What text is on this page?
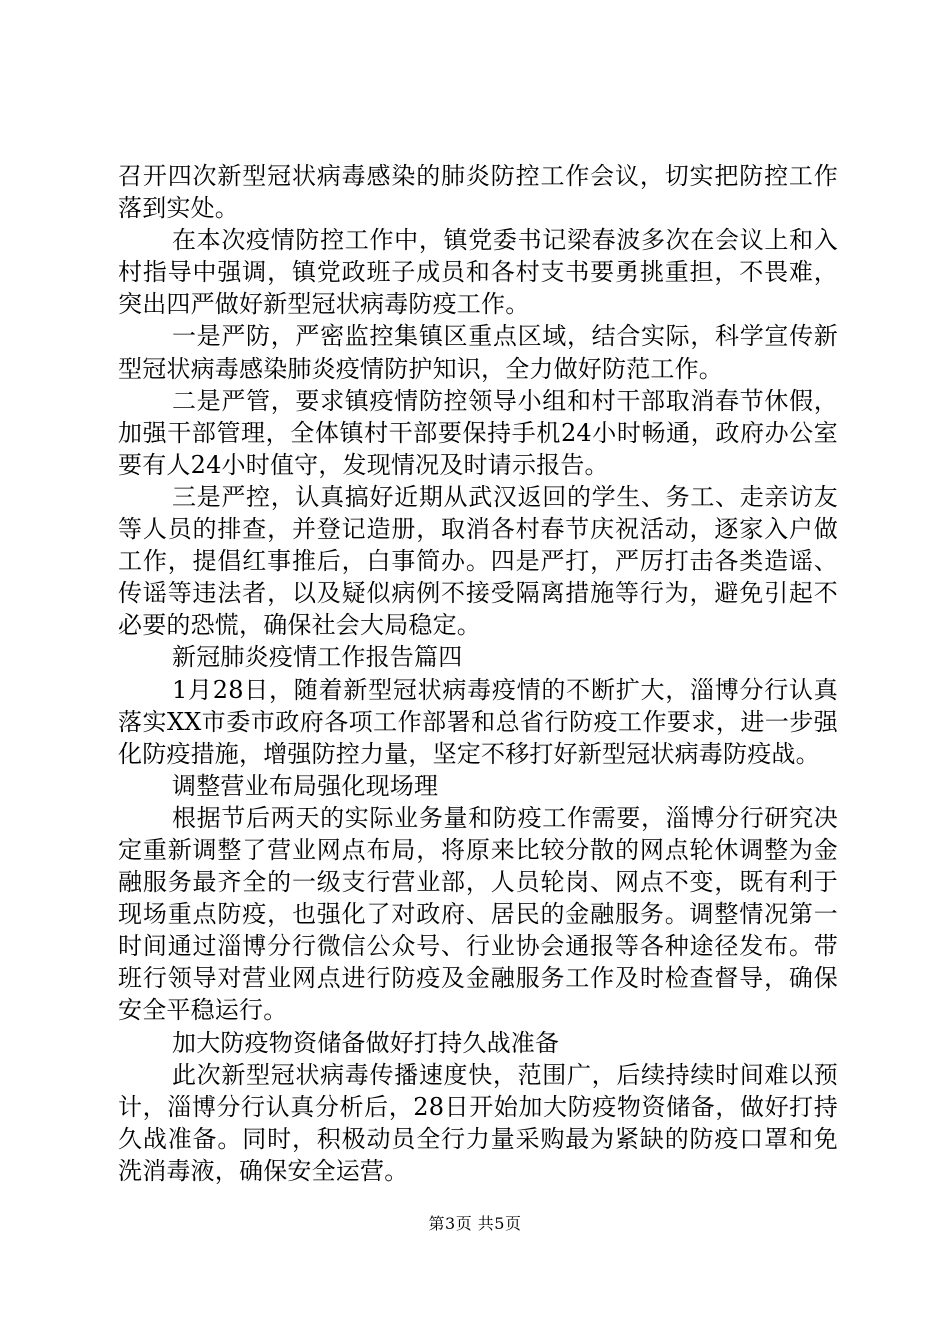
召开四次新型冠状病毒感染的肺炎防控工作会议，切实把防控工作落到实处。

在本次疫情防控工作中，镇党委书记梁春波多次在会议上和入村指导中强调，镇党政班子成员和各村支书要勇挑重担，不畏难，突出四严做好新型冠状病毒防疫工作。

一是严防，严密监控集镇区重点区域，结合实际，科学宣传新型冠状病毒感染肺炎疫情防护知识，全力做好防范工作。

二是严管，要求镇疫情防控领导小组和村干部取消春节休假，加强干部管理，全体镇村干部要保持手机24小时畅通，政府办公室要有人24小时值守，发现情况及时请示报告。

三是严控，认真搞好近期从武汉返回的学生、务工、走亲访友等人员的排查，并登记造册，取消各村春节庆祝活动，逐家入户做工作，提倡红事推后，白事简办。四是严打，严厉打击各类造谣、传谣等违法者，以及疑似病例不接受隔离措施等行为，避免引起不必要的恐慌，确保社会大局稳定。

新冠肺炎疫情工作报告篇四

1月28日，随着新型冠状病毒疫情的不断扩大，淄博分行认真落实XX市委市政府各项工作部署和总省行防疫工作要求，进一步强化防疫措施，增强防控力量，坚定不移打好新型冠状病毒防疫战。

调整营业布局强化现场理

根据节后两天的实际业务量和防疫工作需要，淄博分行研究决定重新调整了营业网点布局，将原来比较分散的网点轮休调整为金融服务最齐全的一级支行营业部，人员轮岗、网点不变，既有利于现场重点防疫，也强化了对政府、居民的金融服务。调整情况第一时间通过淄博分行微信公众号、行业协会通报等各种途径发布。带班行领导对营业网点进行防疫及金融服务工作及时检查督导，确保安全平稳运行。

加大防疫物资储备做好打持久战准备

此次新型冠状病毒传播速度快，范围广，后续持续时间难以预计，淄博分行认真分析后，28日开始加大防疫物资储备，做好打持久战准备。同时，积极动员全行力量采购最为紧缺的防疫口罩和免洗消毒液，确保安全运营。

第3页 共5页
